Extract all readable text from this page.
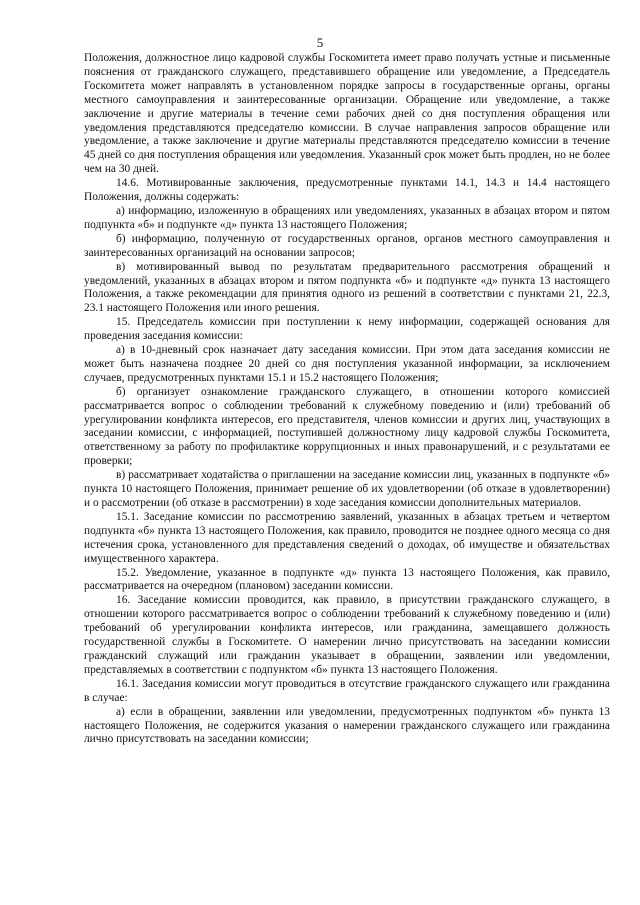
5

Положения, должностное лицо кадровой службы Госкомитета имеет право получать устные и письменные пояснения от гражданского служащего, представившего обращение или уведомление, а Председатель Госкомитета может направлять в установленном порядке запросы в государственные органы, органы местного самоуправления и заинтересованные организации. Обращение или уведомление, а также заключение и другие материалы в течение семи рабочих дней со дня поступления обращения или уведомления представляются председателю комиссии. В случае направления запросов обращение или уведомление, а также заключение и другие материалы представляются председателю комиссии в течение 45 дней со дня поступления обращения или уведомления. Указанный срок может быть продлен, но не более чем на 30 дней.

14.6. Мотивированные заключения, предусмотренные пунктами 14.1, 14.3 и 14.4 настоящего Положения, должны содержать:

а) информацию, изложенную в обращениях или уведомлениях, указанных в абзацах втором и пятом подпункта «б» и подпункте «д» пункта 13 настоящего Положения;

б) информацию, полученную от государственных органов, органов местного самоуправления и заинтересованных организаций на основании запросов;

в) мотивированный вывод по результатам предварительного рассмотрения обращений и уведомлений, указанных в абзацах втором и пятом подпункта «б» и подпункте «д» пункта 13 настоящего Положения, а также рекомендации для принятия одного из решений в соответствии с пунктами 21, 22.3, 23.1 настоящего Положения или иного решения.

15. Председатель комиссии при поступлении к нему информации, содержащей основания для проведения заседания комиссии:

а) в 10-дневный срок назначает дату заседания комиссии. При этом дата заседания комиссии не может быть назначена позднее 20 дней со дня поступления указанной информации, за исключением случаев, предусмотренных пунктами 15.1 и 15.2 настоящего Положения;

б) организует ознакомление гражданского служащего, в отношении которого комиссией рассматривается вопрос о соблюдении требований к служебному поведению и (или) требований об урегулировании конфликта интересов, его представителя, членов комиссии и других лиц, участвующих в заседании комиссии, с информацией, поступившей должностному лицу кадровой службы Госкомитета, ответственному за работу по профилактике коррупционных и иных правонарушений, и с результатами ее проверки;

в) рассматривает ходатайства о приглашении на заседание комиссии лиц, указанных в подпункте «б» пункта 10 настоящего Положения, принимает решение об их удовлетворении (об отказе в удовлетворении) и о рассмотрении (об отказе в рассмотрении) в ходе заседания комиссии дополнительных материалов.

15.1. Заседание комиссии по рассмотрению заявлений, указанных в абзацах третьем и четвертом подпункта «б» пункта 13 настоящего Положения, как правило, проводится не позднее одного месяца со дня истечения срока, установленного для представления сведений о доходах, об имуществе и обязательствах имущественного характера.

15.2. Уведомление, указанное в подпункте «д» пункта 13 настоящего Положения, как правило, рассматривается на очередном (плановом) заседании комиссии.

16. Заседание комиссии проводится, как правило, в присутствии гражданского служащего, в отношении которого рассматривается вопрос о соблюдении требований к служебному поведению и (или) требований об урегулировании конфликта интересов, или гражданина, замещавшего должность государственной службы в Госкомитете. О намерении лично присутствовать на заседании комиссии гражданский служащий или гражданин указывает в обращении, заявлении или уведомлении, представляемых в соответствии с подпунктом «б» пункта 13 настоящего Положения.

16.1. Заседания комиссии могут проводиться в отсутствие гражданского служащего или гражданина в случае:

а) если в обращении, заявлении или уведомлении, предусмотренных подпунктом «б» пункта 13 настоящего Положения, не содержится указания о намерении гражданского служащего или гражданина лично присутствовать на заседании комиссии;
